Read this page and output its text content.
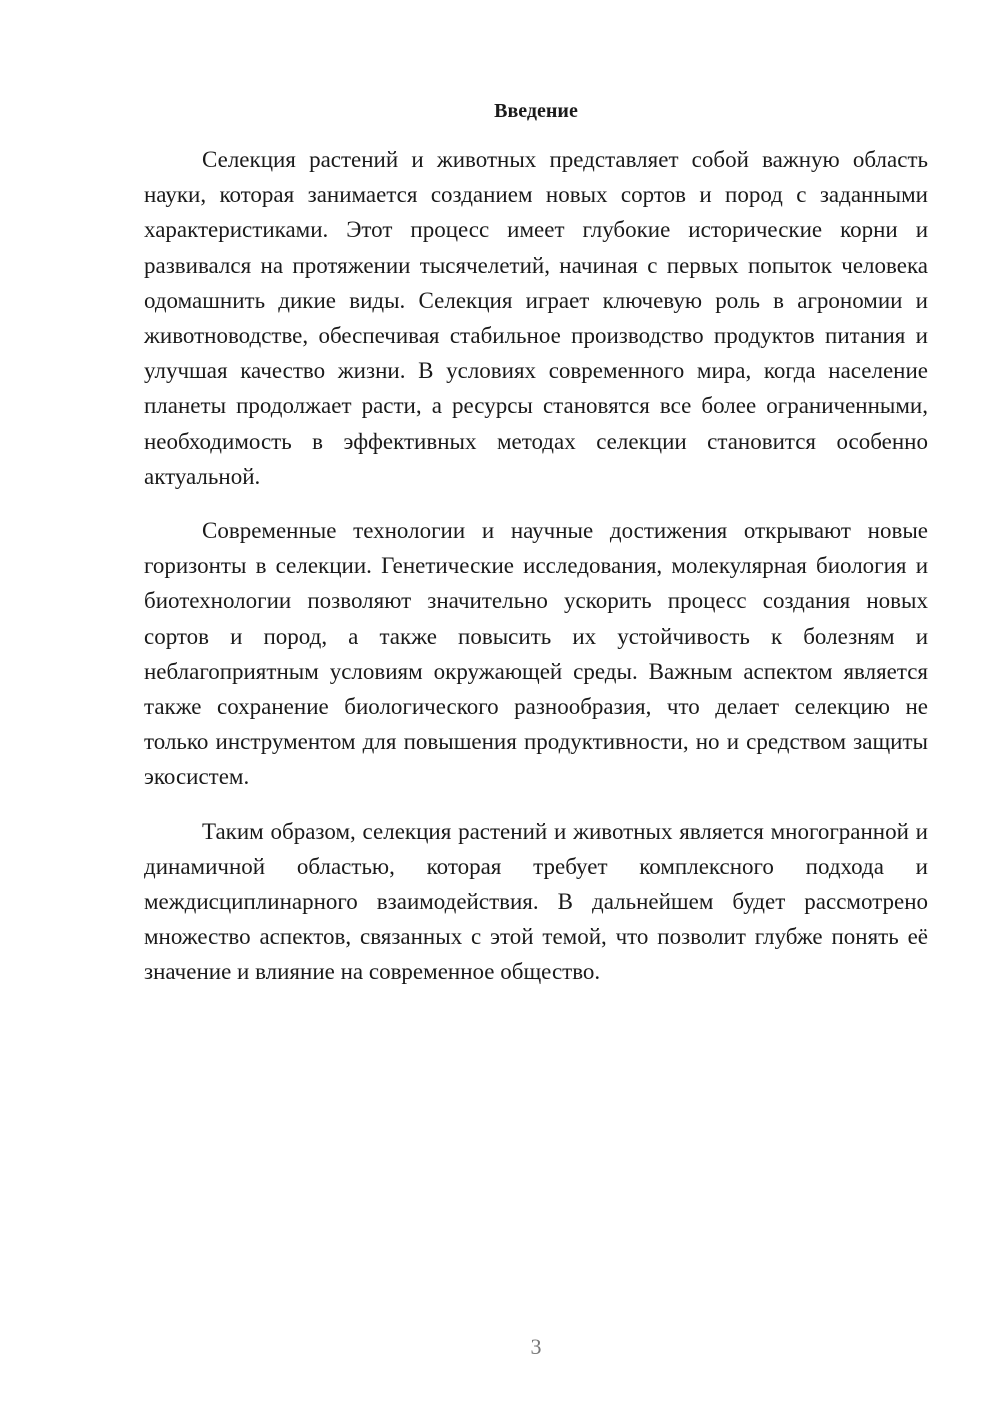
Введение

Селекция растений и животных представляет собой важную область науки, которая занимается созданием новых сортов и пород с заданными характеристиками. Этот процесс имеет глубокие исторические корни и развивался на протяжении тысячелетий, начиная с первых попыток человека одомашнить дикие виды. Селекция играет ключевую роль в агрономии и животноводстве, обеспечивая стабильное производство продуктов питания и улучшая качество жизни. В условиях современного мира, когда население планеты продолжает расти, а ресурсы становятся все более ограниченными, необходимость в эффективных методах селекции становится особенно актуальной.

Современные технологии и научные достижения открывают новые горизонты в селекции. Генетические исследования, молекулярная биология и биотехнологии позволяют значительно ускорить процесс создания новых сортов и пород, а также повысить их устойчивость к болезням и неблагоприятным условиям окружающей среды. Важным аспектом является также сохранение биологического разнообразия, что делает селекцию не только инструментом для повышения продуктивности, но и средством защиты экосистем.

Таким образом, селекция растений и животных является многогранной и динамичной областью, которая требует комплексного подхода и междисциплинарного взаимодействия. В дальнейшем будет рассмотрено множество аспектов, связанных с этой темой, что позволит глубже понять её значение и влияние на современное общество.

3
